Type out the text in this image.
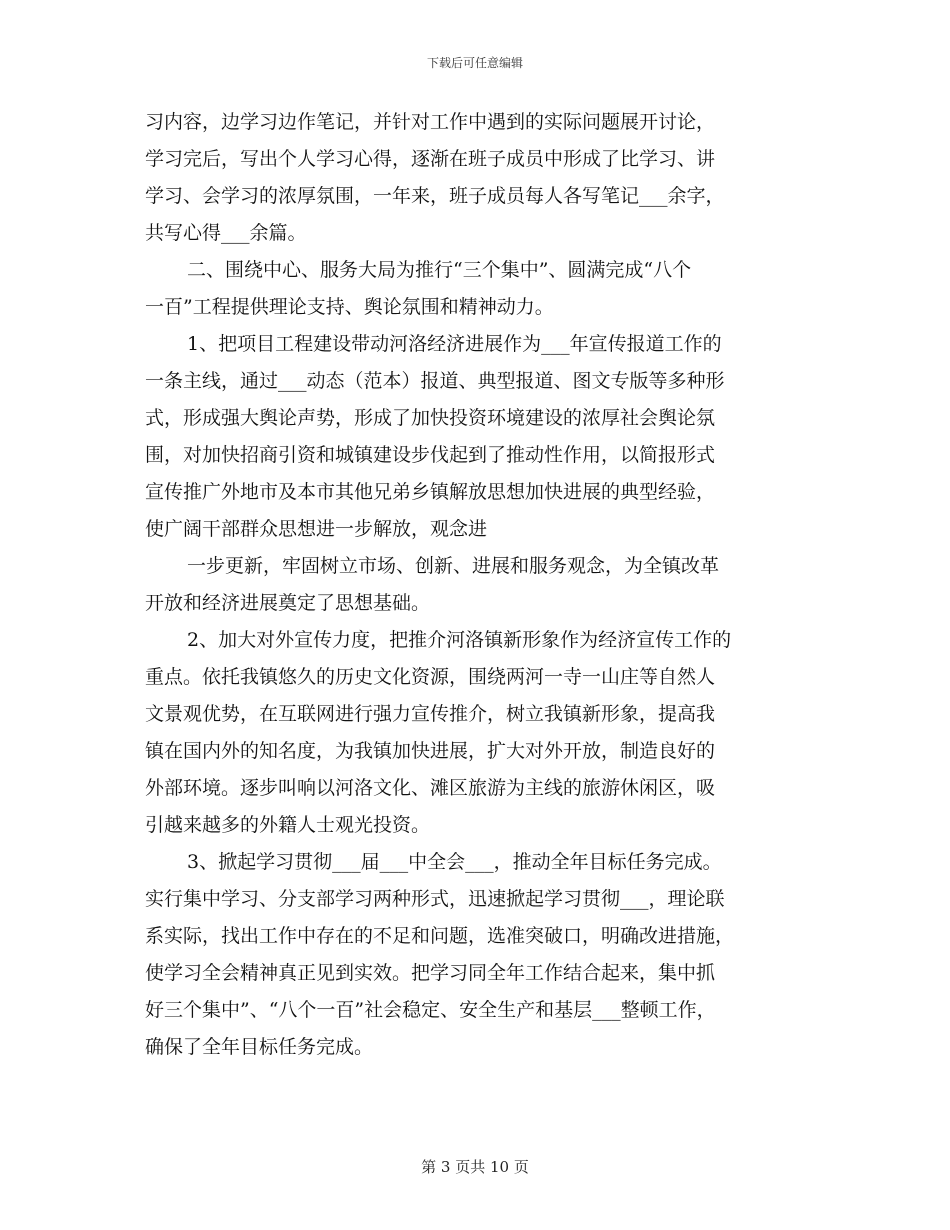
下载后可任意编辑
习内容，边学习边作笔记，并针对工作中遇到的实际问题展开讨论，
学习完后，写出个人学习心得，逐渐在班子成员中形成了比学习、讲
学习、会学习的浓厚氛围，一年来，班子成员每人各写笔记___余字，
共写心得___余篇。
二、围绕中心、服务大局为推行“三个集中”、圆满完成“八个
一百”工程提供理论支持、舆论氛围和精神动力。
1、把项目工程建设带动河洛经济进展作为___年宣传报道工作的
一条主线，通过___动态（范本）报道、典型报道、图文专版等多种形
式，形成强大舆论声势，形成了加快投资环境建设的浓厚社会舆论氛
围，对加快招商引资和城镇建设步伐起到了推动性作用，以简报形式
宣传推广外地市及本市其他兄弟乡镇解放思想加快进展的典型经验，
使广阔干部群众思想进一步解放，观念进
一步更新，牢固树立市场、创新、进展和服务观念，为全镇改革
开放和经济进展奠定了思想基础。
2、加大对外宣传力度，把推介河洛镇新形象作为经济宣传工作的
重点。依托我镇悠久的历史文化资源，围绕两河一寺一山庄等自然人
文景观优势，在互联网进行强力宣传推介，树立我镇新形象，提高我
镇在国内外的知名度，为我镇加快进展，扩大对外开放，制造良好的
外部环境。逐步叫响以河洛文化、滩区旅游为主线的旅游休闲区，吸
引越来越多的外籍人士观光投资。
3、掀起学习贯彻___届___中全会___，推动全年目标任务完成。
实行集中学习、分支部学习两种形式，迅速掀起学习贯彻___，理论联
系实际，找出工作中存在的不足和问题，选准突破口，明确改进措施，
使学习全会精神真正见到实效。把学习同全年工作结合起来，集中抓
好三个集中”、“八个一百”社会稳定、安全生产和基层___整顿工作，
确保了全年目标任务完成。
第 3 页共 10 页
